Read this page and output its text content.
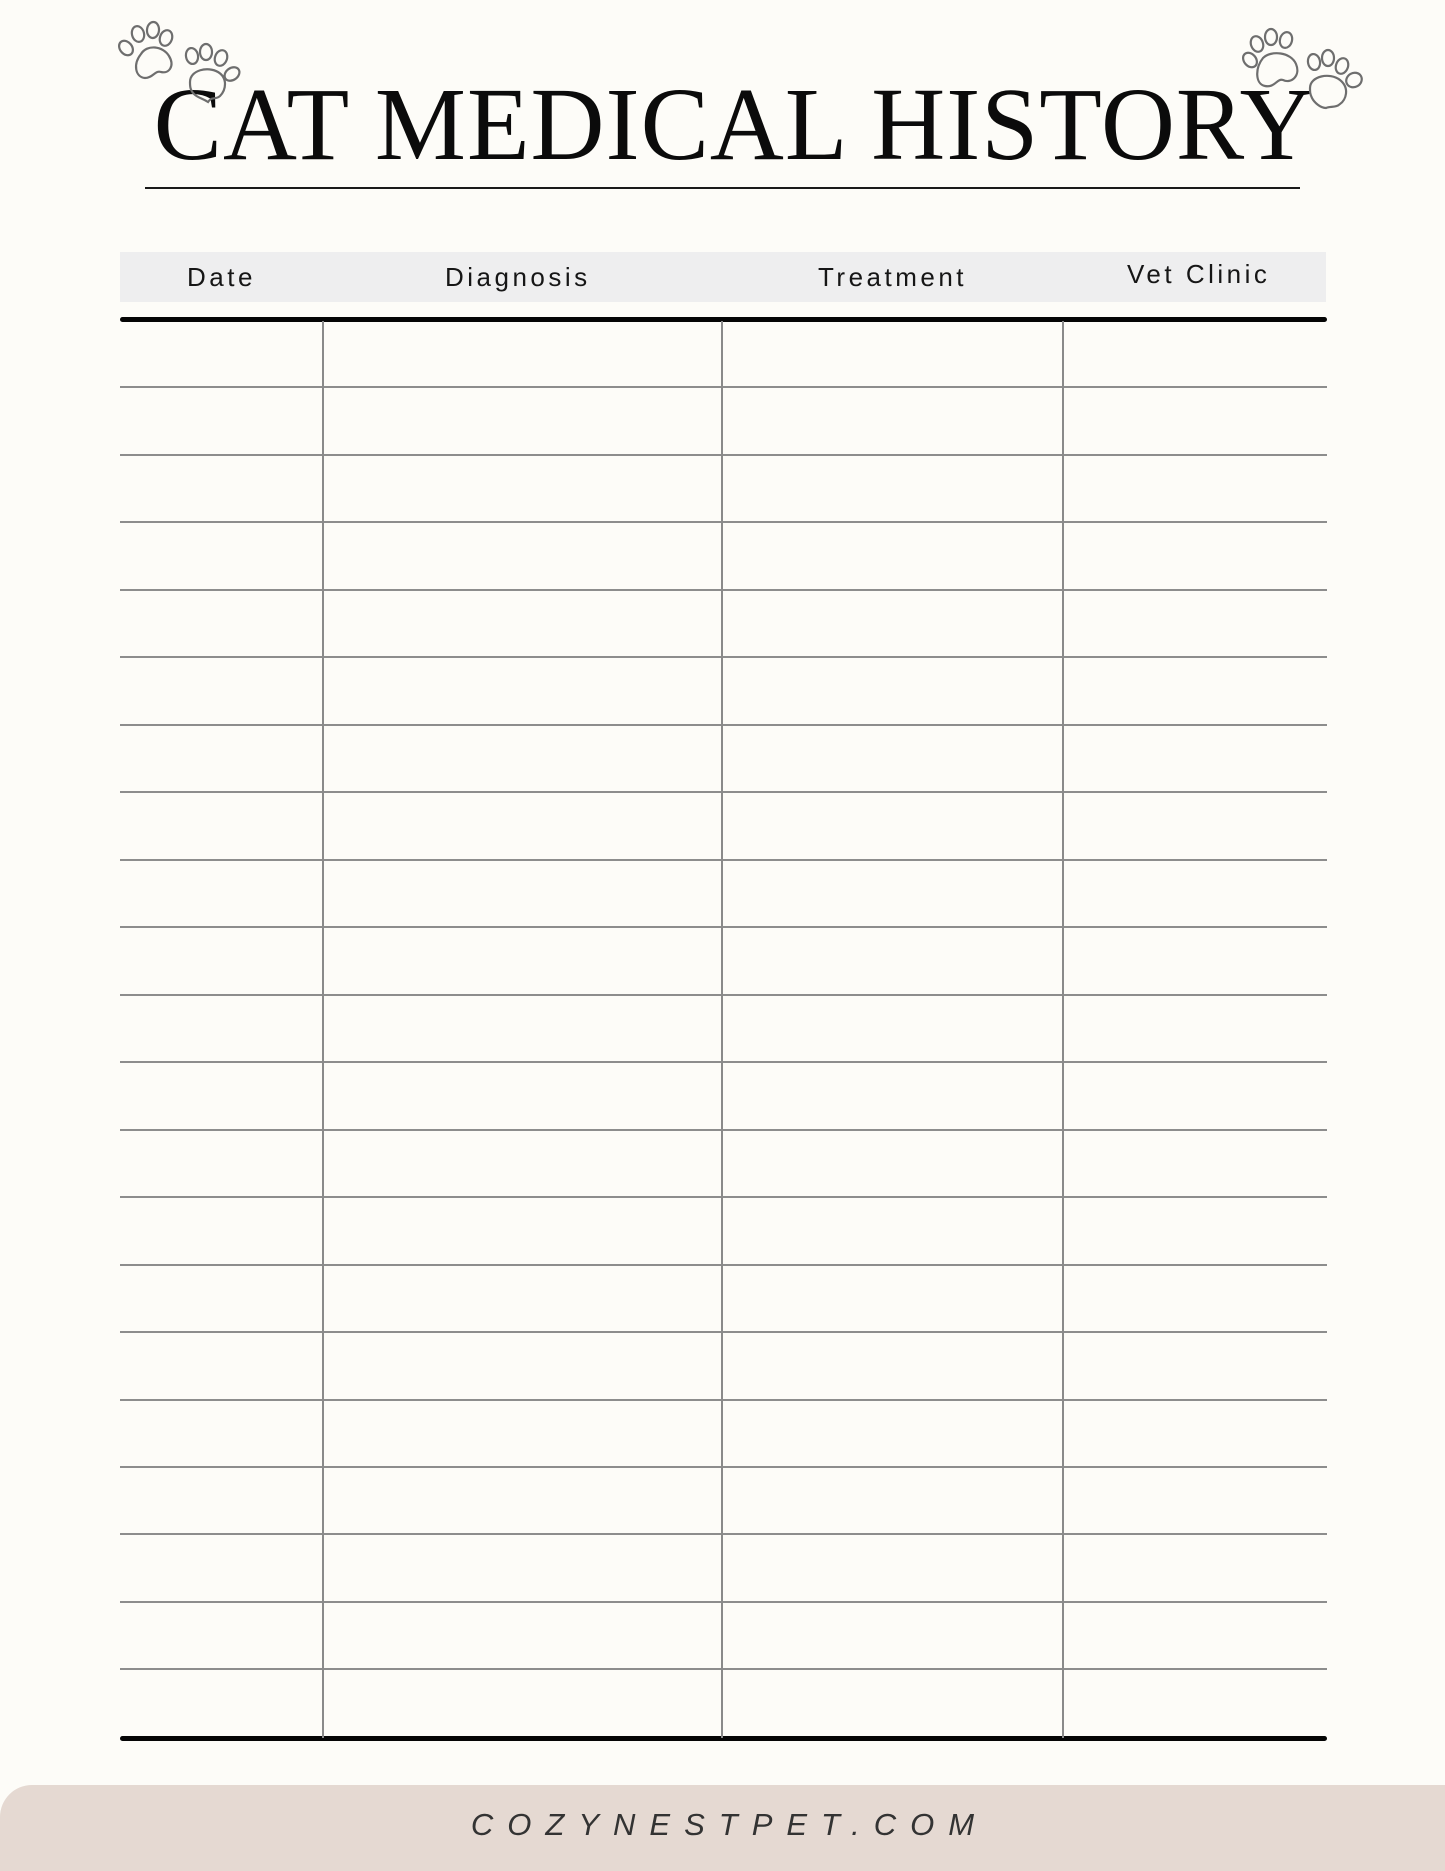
CAT MEDICAL HISTORY
Date	Diagnosis	Treatment	Vet Clinic
COZYNESTPET.COM
